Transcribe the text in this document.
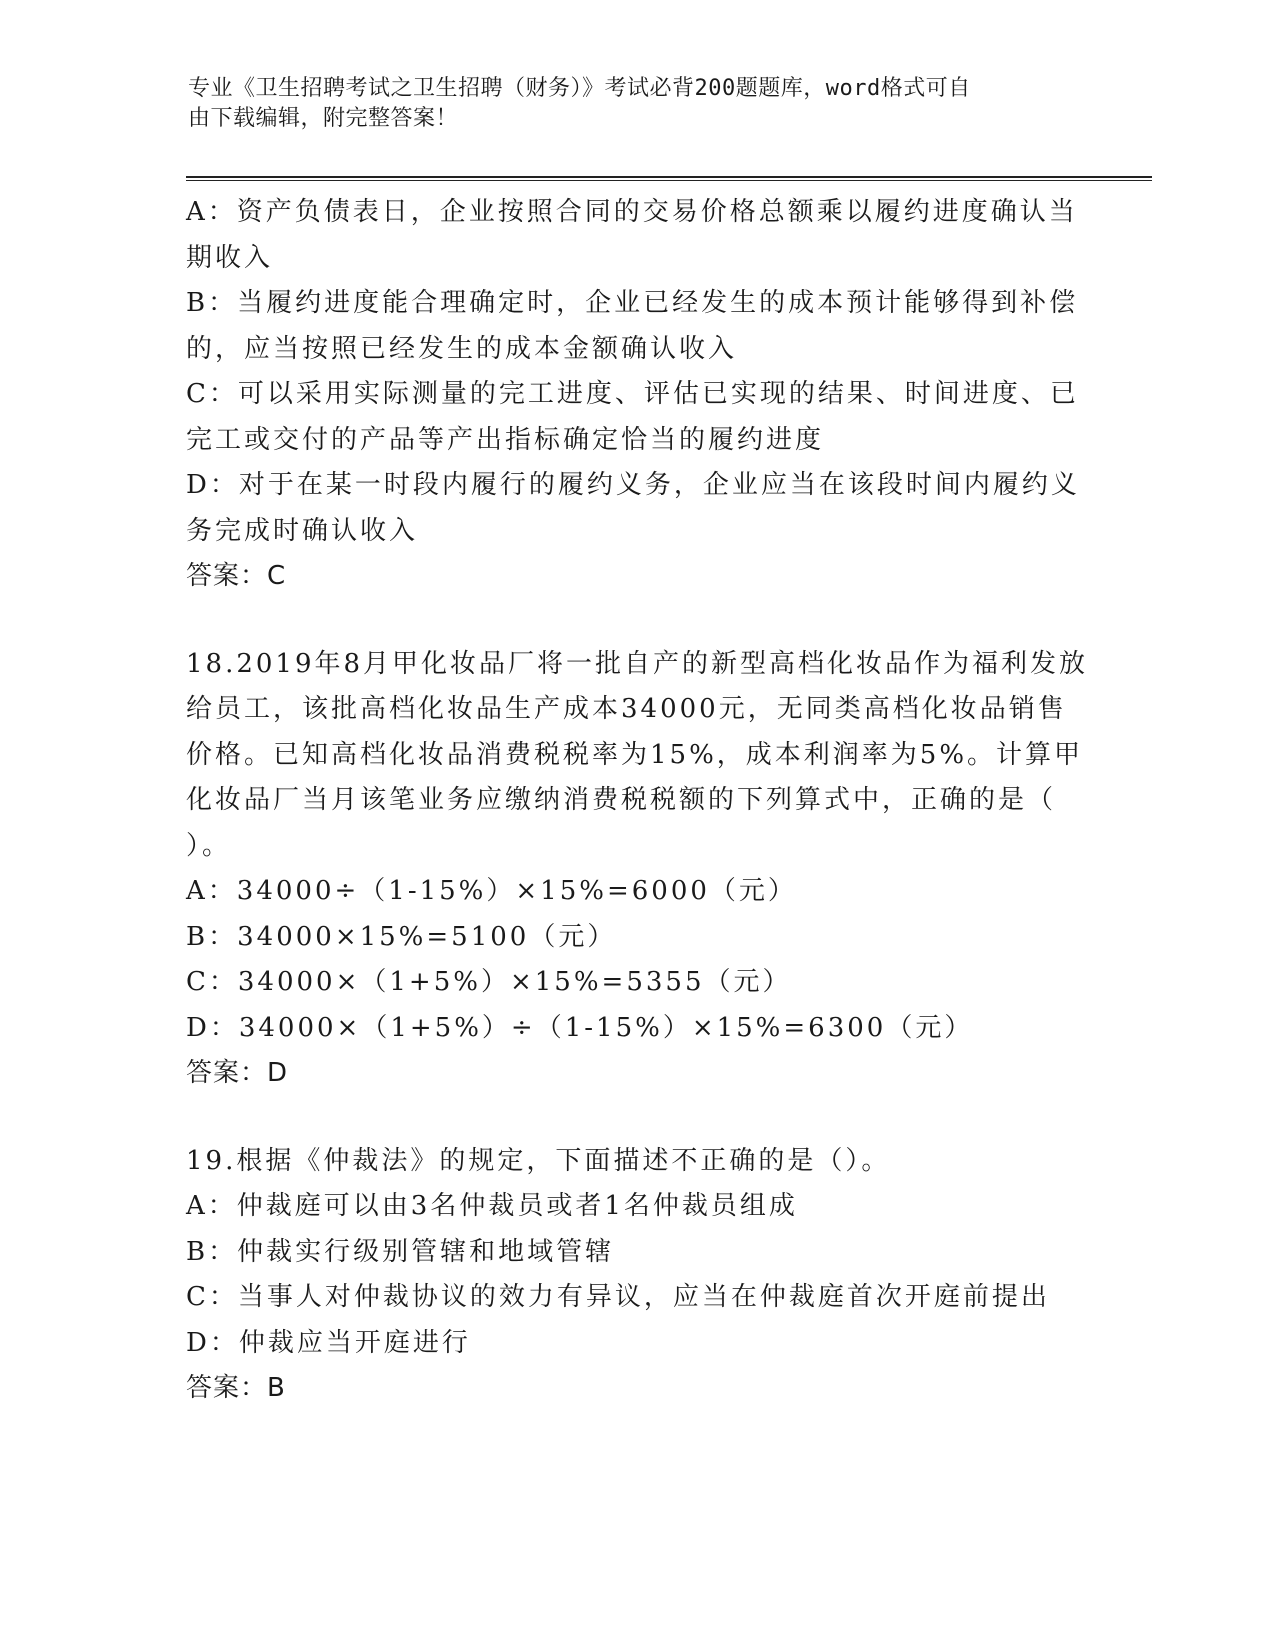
专业《卫生招聘考试之卫生招聘（财务）》考试必背200题题库，word格式可自
由下载编辑，附完整答案！
A：资产负债表日，企业按照合同的交易价格总额乘以履约进度确认当
期收入
B：当履约进度能合理确定时，企业已经发生的成本预计能够得到补偿
的，应当按照已经发生的成本金额确认收入
C：可以采用实际测量的完工进度、评估已实现的结果、时间进度、已
完工或交付的产品等产出指标确定恰当的履约进度
D：对于在某一时段内履行的履约义务，企业应当在该段时间内履约义
务完成时确认收入
答案：C
18.2019年8月甲化妆品厂将一批自产的新型高档化妆品作为福利发放
给员工，该批高档化妆品生产成本34000元，无同类高档化妆品销售
价格。已知高档化妆品消费税税率为15%，成本利润率为5%。计算甲
化妆品厂当月该笔业务应缴纳消费税税额的下列算式中，正确的是（
）。
A：34000÷（1-15%）×15%=6000（元）
B：34000×15%=5100（元）
C：34000×（1+5%）×15%=5355（元）
D：34000×（1+5%）÷（1-15%）×15%=6300（元）
答案：D
19.根据《仲裁法》的规定，下面描述不正确的是（）。
A：仲裁庭可以由3名仲裁员或者1名仲裁员组成
B：仲裁实行级别管辖和地域管辖
C：当事人对仲裁协议的效力有异议，应当在仲裁庭首次开庭前提出
D：仲裁应当开庭进行
答案：B
